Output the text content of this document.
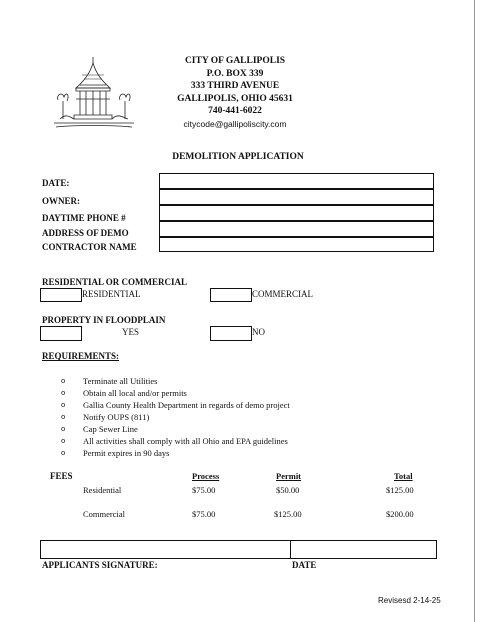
CITY OF GALLIPOLIS
P.O. BOX 339
333 THIRD AVENUE
GALLIPOLIS, OHIO 45631
740-441-6022
citycode@gallipoliscity.com
DEMOLITION APPLICATION
DATE:
OWNER:
DAYTIME PHONE #
ADDRESS OF DEMO
CONTRACTOR NAME
RESIDENTIAL OR COMMERCIAL
RESIDENTIAL	COMMERCIAL
PROPERTY IN FLOODPLAIN
YES	NO
REQUIREMENTS:
o Terminate all Utilities
o Obtain all local and/or permits
o Gallia County Health Department in regards of demo project
o Notify OUPS (811)
o Cap Sewer Line
o All activities shall comply with all Ohio and EPA guidelines
o Permit expires in 90 days
FEES	Process	Permit	Total
Residential	$75.00	$50.00	$125.00
Commercial	$75.00	$125.00	$200.00
APPLICANTS SIGNATURE:	DATE
Revisesd 2-14-25
